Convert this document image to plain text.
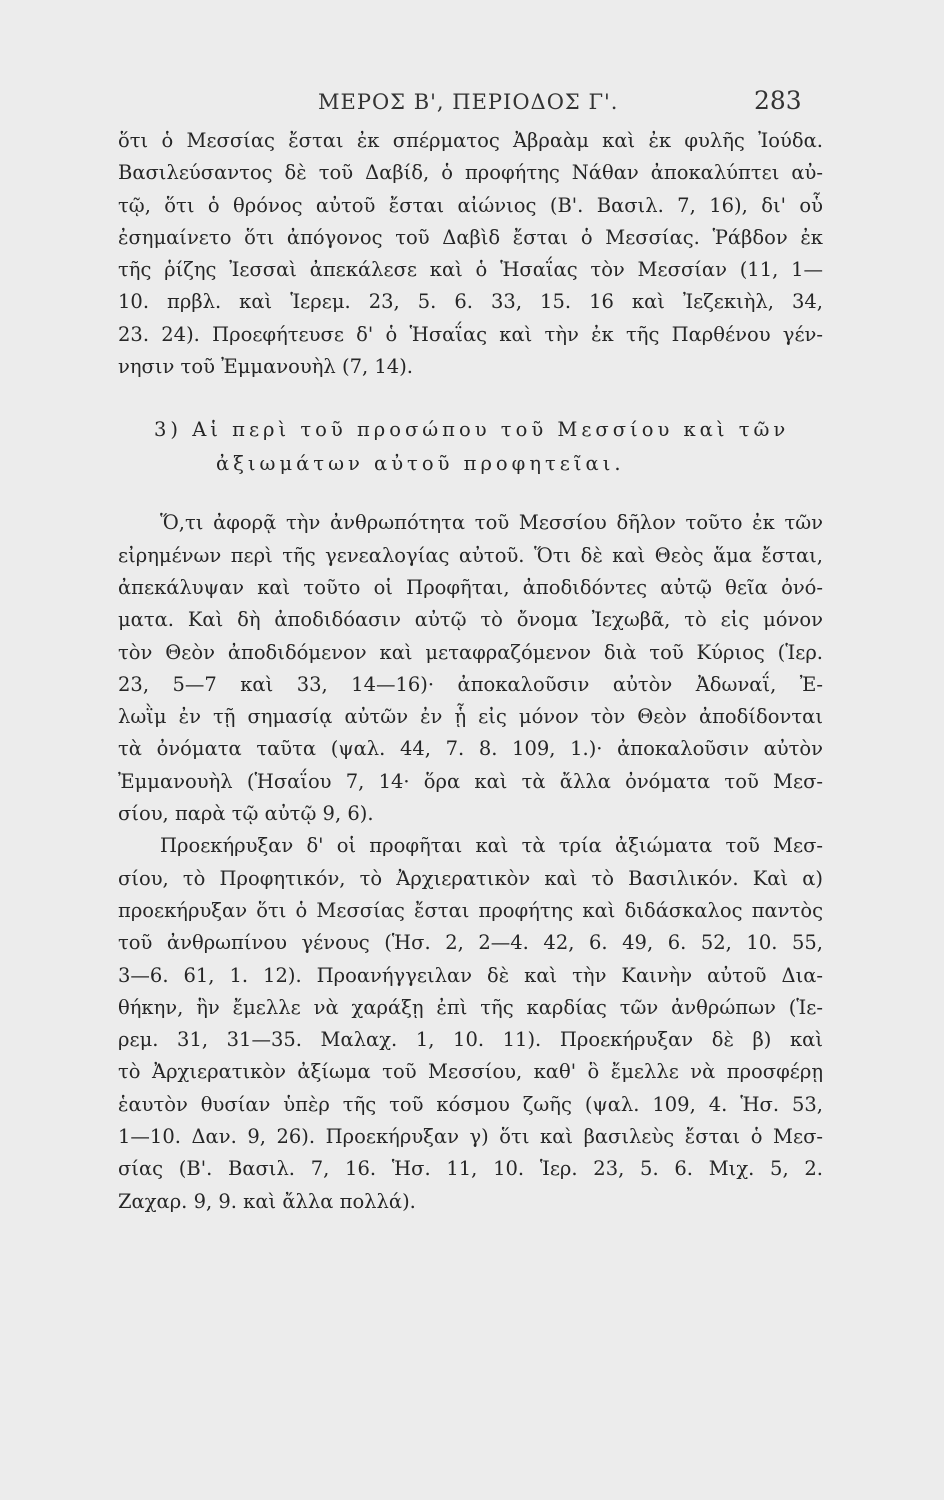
ΜΕΡΟΣ Β', ΠΕΡΙΟΔΟΣ Γ'.	283
ὅτι ὁ Μεσσίας ἔσται ἐκ σπέρματος Ἀβραὰμ καὶ ἐκ φυλῆς Ἰούδα.
Βασιλεύσαντος δὲ τοῦ Δαβίδ, ὁ προφήτης Νάθαν ἀποκαλύπτει αὐ-
τῷ, ὅτι ὁ θρόνος αὐτοῦ ἔσται αἰώνιος (Β'. Βασιλ. 7, 16), δι' οὗ
ἐσημαίνετο ὅτι ἀπόγονος τοῦ Δαβὶδ ἔσται ὁ Μεσσίας. Ῥάβδον ἐκ
τῆς ῥίζης Ἰεσσαὶ ἀπεκάλεσε καὶ ὁ Ἡσαΐας τὸν Μεσσίαν (11, 1—
10. πρβλ. καὶ Ἱερεμ. 23, 5. 6. 33, 15. 16 καὶ Ἰεζεκιὴλ, 34,
23. 24). Προεφήτευσε δ' ὁ Ἡσαΐας καὶ τὴν ἐκ τῆς Παρθένου γέν-
νησιν τοῦ Ἐμμανουὴλ (7, 14).
3) Αἱ περὶ τοῦ προσώπου τοῦ Μεσσίου καὶ τῶν
ἀξιωμάτων αὐτοῦ προφητεῖαι.
Ὅ,τι ἀφορᾷ τὴν ἀνθρωπότητα τοῦ Μεσσίου δῆλον τοῦτο ἐκ τῶν
εἰρημένων περὶ τῆς γενεαλογίας αὐτοῦ. Ὅτι δὲ καὶ Θεὸς ἅμα ἔσται,
ἀπεκάλυψαν καὶ τοῦτο οἱ Προφῆται, ἀποδιδόντες αὐτῷ θεῖα ὀνό-
ματα. Καὶ δὴ ἀποδιδόασιν αὐτῷ τὸ ὄνομα Ἰεχωβᾶ, τὸ εἰς μόνον
τὸν Θεὸν ἀποδιδόμενον καὶ μεταφραζόμενον διὰ τοῦ Κύριος (Ἱερ.
23, 5—7 καὶ 33, 14—16)· ἀποκαλοῦσιν αὐτὸν Ἀδωναΐ, Ἐ-
λωῒμ ἐν τῇ σημασίᾳ αὐτῶν ἐν ᾗ εἰς μόνον τὸν Θεὸν ἀποδίδονται
τὰ ὀνόματα ταῦτα (ψαλ. 44, 7. 8. 109, 1.)· ἀποκαλοῦσιν αὐτὸν
Ἐμμανουὴλ (Ἡσαΐου 7, 14· ὅρα καὶ τὰ ἄλλα ὀνόματα τοῦ Μεσ-
σίου, παρὰ τῷ αὐτῷ 9, 6).
Προεκήρυξαν δ' οἱ προφῆται καὶ τὰ τρία ἀξιώματα τοῦ Μεσ-
σίου, τὸ Προφητικόν, τὸ Ἀρχιερατικὸν καὶ τὸ Βασιλικόν. Καὶ α)
προεκήρυξαν ὅτι ὁ Μεσσίας ἔσται προφήτης καὶ διδάσκαλος παντὸς
τοῦ ἀνθρωπίνου γένους (Ἡσ. 2, 2—4. 42, 6. 49, 6. 52, 10. 55,
3—6. 61, 1. 12). Προανήγγειλαν δὲ καὶ τὴν Καινὴν αὐτοῦ Δια-
θήκην, ἣν ἔμελλε νὰ χαράξῃ ἐπὶ τῆς καρδίας τῶν ἀνθρώπων (Ἱε-
ρεμ. 31, 31—35. Μαλαχ. 1, 10. 11). Προεκήρυξαν δὲ β) καὶ
τὸ Ἀρχιερατικὸν ἀξίωμα τοῦ Μεσσίου, καθ' ὃ ἔμελλε νὰ προσφέρῃ
ἑαυτὸν θυσίαν ὑπὲρ τῆς τοῦ κόσμου ζωῆς (ψαλ. 109, 4. Ἡσ. 53,
1—10. Δαν. 9, 26). Προεκήρυξαν γ) ὅτι καὶ βασιλεὺς ἔσται ὁ Μεσ-
σίας (Β'. Βασιλ. 7, 16. Ἡσ. 11, 10. Ἱερ. 23, 5. 6. Μιχ. 5, 2.
Ζαχαρ. 9, 9. καὶ ἄλλα πολλά).
